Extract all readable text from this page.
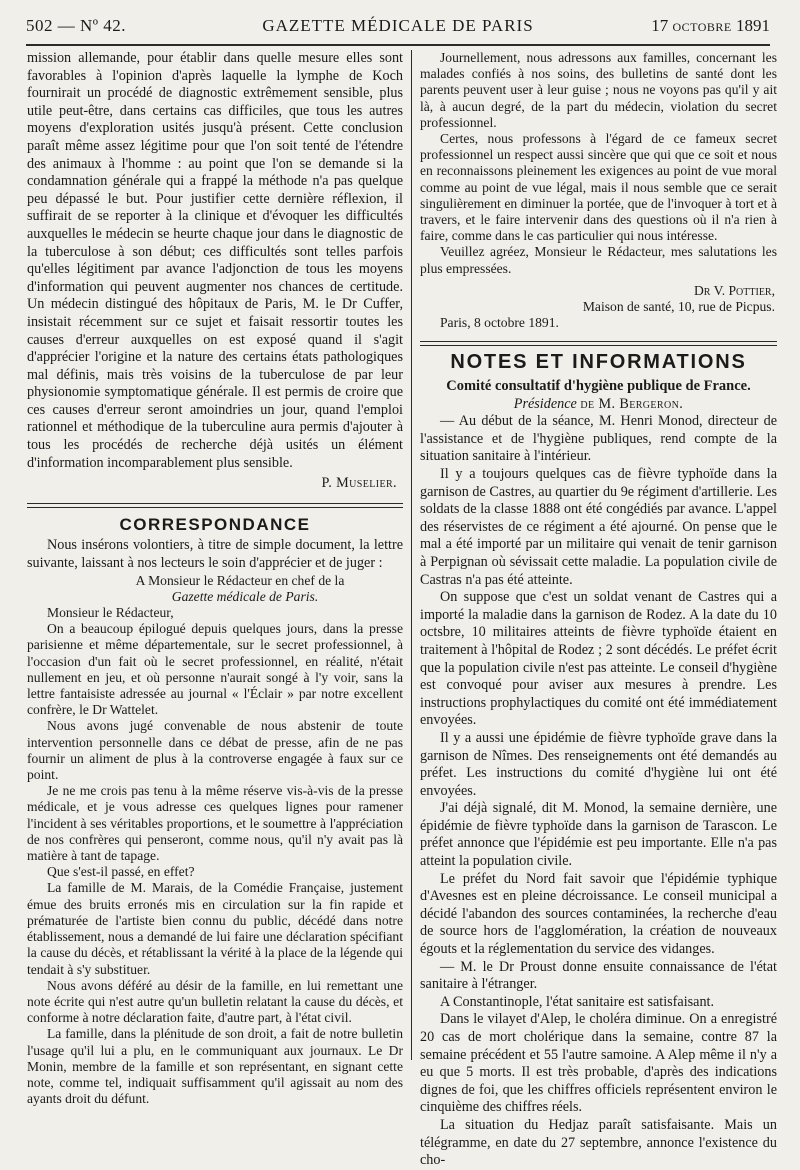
502 — Nº 42.	GAZETTE MÉDICALE DE PARIS	17 OCTOBRE 1891

mission allemande, pour établir dans quelle mesure elles sont favorables à l'opinion d'après laquelle la lymphe de Koch fournirait un procédé de diagnostic extrêmement sensible, plus utile peut-être, dans certains cas difficiles, que tous les autres moyens d'exploration usités jusqu'à présent. Cette conclusion paraît même assez légitime pour que l'on soit tenté de l'étendre des animaux à l'homme : au point que l'on se demande si la condamnation générale qui a frappé la méthode n'a pas quelque peu dépassé le but. Pour justifier cette dernière réflexion, il suffirait de se reporter à la clinique et d'évoquer les difficultés auxquelles le médecin se heurte chaque jour dans le diagnostic de la tuberculose à son début; ces difficultés sont telles parfois qu'elles légitiment par avance l'adjonction de tous les moyens d'information qui peuvent augmenter nos chances de certitude. Un médecin distingué des hôpitaux de Paris, M. le Dr Cuffer, insistait récemment sur ce sujet et faisait ressortir toutes les causes d'erreur auxquelles on est exposé quand il s'agit d'apprécier l'origine et la nature des certains états pathologiques mal définis, mais très voisins de la tuberculose de par leur physionomie symptomatique générale. Il est permis de croire que ces causes d'erreur seront amoindries un jour, quand l'emploi rationnel et méthodique de la tuberculine aura permis d'ajouter à tous les procédés de recherche déjà usités un élément d'information incomparablement plus sensible.

P. Muselier.

CORRESPONDANCE

Nous insérons volontiers, à titre de simple document, la lettre suivante, laissant à nos lecteurs le soin d'apprécier et de juger :

A Monsieur le Rédacteur en chef de la

Gazette médicale de Paris.

Monsieur le Rédacteur,

On a beaucoup épilogué depuis quelques jours, dans la presse parisienne et même départementale, sur le secret professionnel, à l'occasion d'un fait où le secret professionnel, en réalité, n'était nullement en jeu, et où personne n'aurait songé à l'y voir, sans la lettre fantaisiste adressée au journal « l'Éclair » par notre excellent confrère, le Dr Wattelet.

Nous avons jugé convenable de nous abstenir de toute intervention personnelle dans ce débat de presse, afin de ne pas fournir un aliment de plus à la controverse engagée à faux sur ce point.

Je ne me crois pas tenu à la même réserve vis-à-vis de la presse médicale, et je vous adresse ces quelques lignes pour ramener l'incident à ses véritables proportions, et le soumettre à l'appréciation de nos confrères qui penseront, comme nous, qu'il n'y avait pas là matière à tant de tapage.

Que s'est-il passé, en effet?

La famille de M. Marais, de la Comédie Française, justement émue des bruits erronés mis en circulation sur la fin rapide et prématurée de l'artiste bien connu du public, décédé dans notre établissement, nous a demandé de lui faire une déclaration spécifiant la cause du décès, et rétablissant la vérité à la place de la légende qui tendait à s'y substituer.

Nous avons déféré au désir de la famille, en lui remettant une note écrite qui n'est autre qu'un bulletin relatant la cause du décès, et conforme à notre déclaration faite, d'autre part, à l'état civil.

La famille, dans la plénitude de son droit, a fait de notre bulletin l'usage qu'il lui a plu, en le communiquant aux journaux. Le Dr Monin, membre de la famille et son représentant, en signant cette note, comme tel, indiquait suffisamment qu'il agissait au nom des ayants droit du défunt.

Journellement, nous adressons aux familles, concernant les malades confiés à nos soins, des bulletins de santé dont les parents peuvent user à leur guise ; nous ne voyons pas qu'il y ait là, à aucun degré, de la part du médecin, violation du secret professionnel.

Certes, nous professons à l'égard de ce fameux secret professionnel un respect aussi sincère que qui que ce soit et nous en reconnaissons pleinement les exigences au point de vue moral comme au point de vue légal, mais il nous semble que ce serait singulièrement en diminuer la portée, que de l'invoquer à tort et à travers, et le faire intervenir dans des questions où il n'a rien à faire, comme dans le cas particulier qui nous intéresse.

Veuillez agréez, Monsieur le Rédacteur, mes salutations les plus empressées.

Dr V. Pottier,

Maison de santé, 10, rue de Picpus.

Paris, 8 octobre 1891.

NOTES ET INFORMATIONS

Comité consultatif d'hygiène publique de France.

Présidence de M. Bergeron.

— Au début de la séance, M. Henri Monod, directeur de l'assistance et de l'hygiène publiques, rend compte de la situation sanitaire à l'intérieur.

Il y a toujours quelques cas de fièvre typhoïde dans la garnison de Castres, au quartier du 9e régiment d'artillerie. Les soldats de la classe 1888 ont été congédiés par avance. L'appel des réservistes de ce régiment a été ajourné. On pense que le mal a été importé par un militaire qui venait de tenir garnison à Perpignan où sévissait cette maladie. La population civile de Castras n'a pas été atteinte.

On suppose que c'est un soldat venant de Castres qui a importé la maladie dans la garnison de Rodez. A la date du 10 octsbre, 10 militaires atteints de fièvre typhoïde étaient en traitement à l'hôpital de Rodez ; 2 sont décédés. Le préfet écrit que la population civile n'est pas atteinte. Le conseil d'hygiène est convoqué pour aviser aux mesures à prendre. Les instructions prophylactiques du comité ont été immédiatement envoyées.

Il y a aussi une épidémie de fièvre typhoïde grave dans la garnison de Nîmes. Des renseignements ont été demandés au préfet. Les instructions du comité d'hygiène lui ont été envoyées.

J'ai déjà signalé, dit M. Monod, la semaine dernière, une épidémie de fièvre typhoïde dans la garnison de Tarascon. Le préfet annonce que l'épidémie est peu importante. Elle n'a pas atteint la population civile.

Le préfet du Nord fait savoir que l'épidémie typhique d'Avesnes est en pleine décroissance. Le conseil municipal a décidé l'abandon des sources contaminées, la recherche d'eau de source hors de l'agglomération, la création de nouveaux égouts et la réglementation du service des vidanges.

— M. le Dr Proust donne ensuite connaissance de l'état sanitaire à l'étranger.

A Constantinople, l'état sanitaire est satisfaisant.

Dans le vilayet d'Alep, le choléra diminue. On a enregistré 20 cas de mort cholérique dans la semaine, contre 87 la semaine précédent et 55 l'autre samoine. A Alep même il n'y a eu que 5 morts. Il est très probable, d'après des indications dignes de foi, que les chiffres officiels représentent environ le cinquième des chiffres réels.

La situation du Hedjaz paraît satisfaisante. Mais un télégramme, en date du 27 septembre, annonce l'existence du cho-
